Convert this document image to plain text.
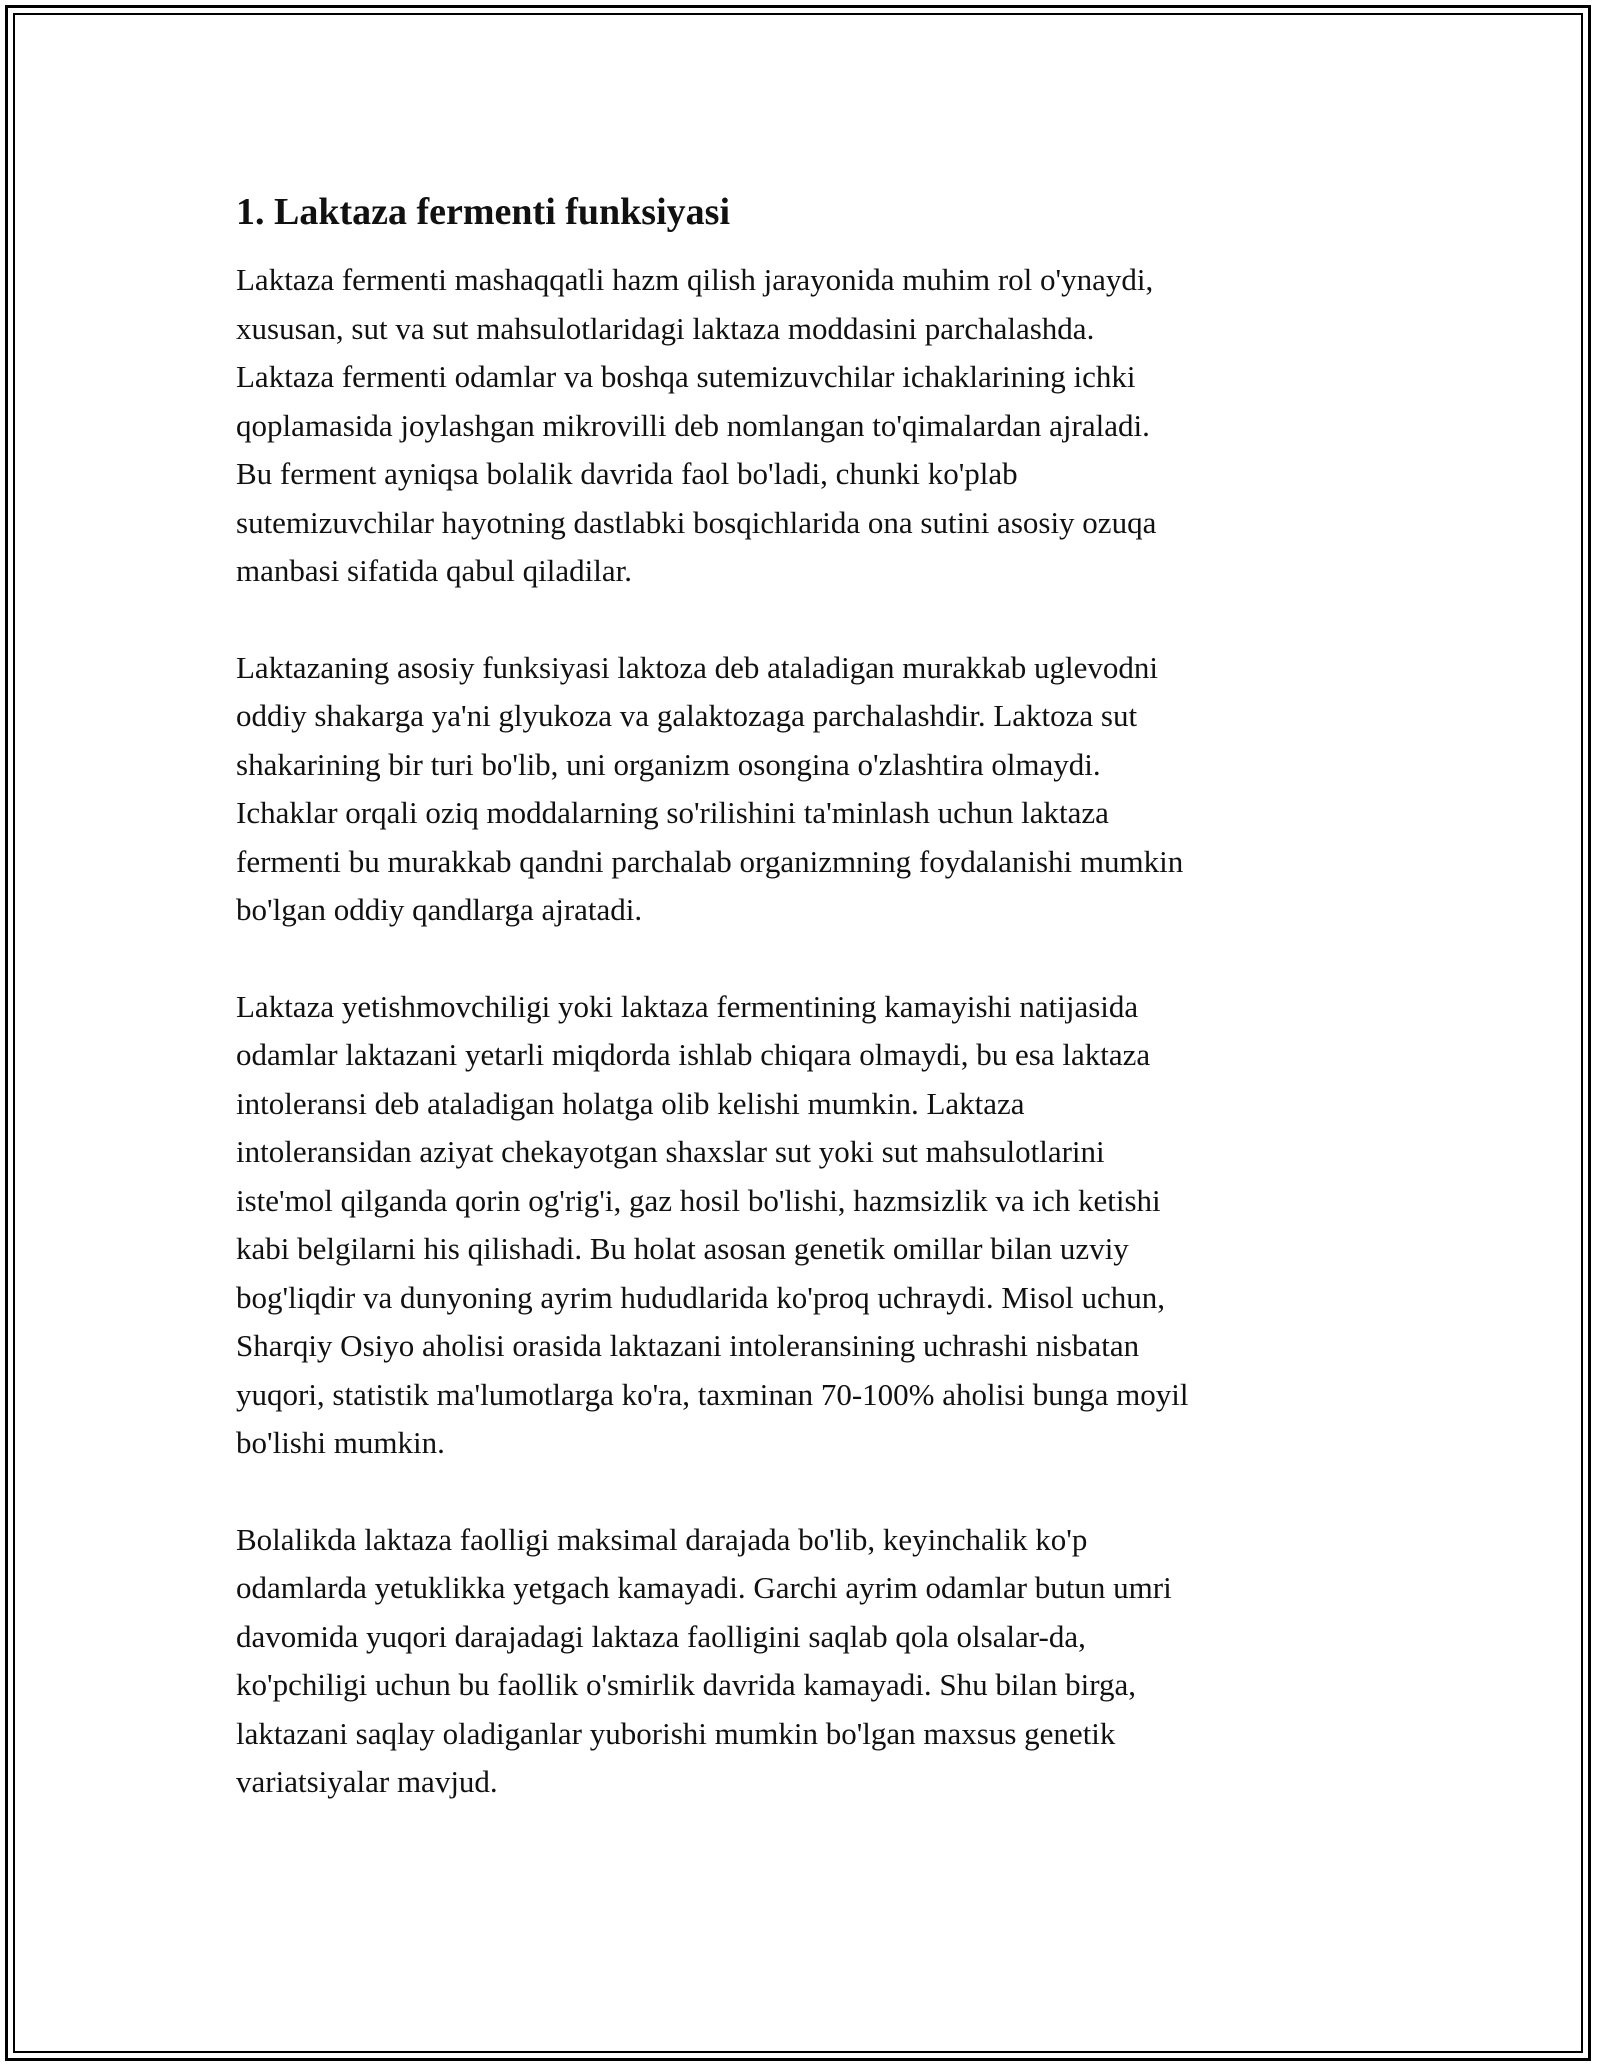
1. Laktaza fermenti funksiyasi

Laktaza fermenti mashaqqatli hazm qilish jarayonida muhim rol o'ynaydi,
xususan, sut va sut mahsulotlaridagi laktaza moddasini parchalashda.
Laktaza fermenti odamlar va boshqa sutemizuvchilar ichaklarining ichki
qoplamasida joylashgan mikrovilli deb nomlangan to'qimalardan ajraladi.
Bu ferment ayniqsa bolalik davrida faol bo'ladi, chunki ko'plab
sutemizuvchilar hayotning dastlabki bosqichlarida ona sutini asosiy ozuqa
manbasi sifatida qabul qiladilar.

Laktazaning asosiy funksiyasi laktoza deb ataladigan murakkab uglevodni
oddiy shakarga ya'ni glyukoza va galaktozaga parchalashdir. Laktoza sut
shakarining bir turi bo'lib, uni organizm osongina o'zlashtira olmaydi.
Ichaklar orqali oziq moddalarning so'rilishini ta'minlash uchun laktaza
fermenti bu murakkab qandni parchalab organizmning foydalanishi mumkin
bo'lgan oddiy qandlarga ajratadi.

Laktaza yetishmovchiligi yoki laktaza fermentining kamayishi natijasida
odamlar laktazani yetarli miqdorda ishlab chiqara olmaydi, bu esa laktaza
intoleransi deb ataladigan holatga olib kelishi mumkin. Laktaza
intoleransidan aziyat chekayotgan shaxslar sut yoki sut mahsulotlarini
iste'mol qilganda qorin og'rig'i, gaz hosil bo'lishi, hazmsizlik va ich ketishi
kabi belgilarni his qilishadi. Bu holat asosan genetik omillar bilan uzviy
bog'liqdir va dunyoning ayrim hududlarida ko'proq uchraydi. Misol uchun,
Sharqiy Osiyo aholisi orasida laktazani intoleransining uchrashi nisbatan
yuqori, statistik ma'lumotlarga ko'ra, taxminan 70-100% aholisi bunga moyil
bo'lishi mumkin.

Bolalikda laktaza faolligi maksimal darajada bo'lib, keyinchalik ko'p
odamlarda yetuklikka yetgach kamayadi. Garchi ayrim odamlar butun umri
davomida yuqori darajadagi laktaza faolligini saqlab qola olsalar-da,
ko'pchiligi uchun bu faollik o'smirlik davrida kamayadi. Shu bilan birga,
laktazani saqlay oladiganlar yuborishi mumkin bo'lgan maxsus genetik
variatsiyalar mavjud.
